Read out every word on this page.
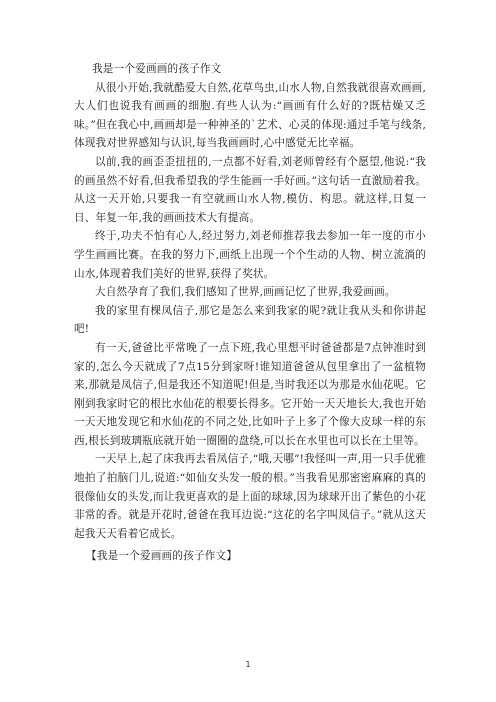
我是一个爱画画的孩子作文

从很小开始,我就酷爱大自然,花草鸟虫,山水人物,自然我就很喜欢画画,大人们也说我有画画的细胞.有些人认为:“画画有什么好的?既枯燥又乏味。”但在我心中,画画却是一种神圣的`艺术、心灵的体现:通过手笔与线条,体现我对世界感知与认识,每当我画画时,心中感觉无比幸福。

以前,我的画歪歪扭扭的,一点都不好看,刘老师曾经有个愿望,他说:“我的画虽然不好看,但我希望我的学生能画一手好画。”这句话一直激励着我。从这一天开始,只要我一有空就画山水人物,模仿、构思。就这样,日复一日、年复一年,我的画画技术大有提高。

终于,功夫不怕有心人,经过努力,刘老师推荐我去参加一年一度的市小学生画画比赛。在我的努力下,画纸上出现一个个生动的人物、树立流淌的山水,体现着我们美好的世界,获得了奖状。

大自然孕育了我们,我们感知了世界,画画记忆了世界,我爱画画。

我的家里有棵凤信子,那它是怎么来到我家的呢?就让我从头和你讲起吧!

有一天,爸爸比平常晚了一点下班,我心里想平时爸爸都是7点钟准时到家的,怎么今天就成了7点15分到家呀!谁知道爸爸从包里拿出了一盆植物来,那就是凤信子,但是我还不知道呢!但是,当时我还以为那是水仙花呢。它刚到我家时它的根比水仙花的根要长得多。它开始一天天地长大,我也开始一天天地发现它和水仙花的不同之处,比如叶子上多了个像大皮球一样的东西,根长到玻璃瓶底就开始一圈圈的盘绕,可以长在水里也可以长在土里等。

一天早上,起了床我再去看凤信子,“哦,天哪”!我怪叫一声,用一只手优雅地拍了拍脑门儿,说道:“如仙女头发一般的根。”当我看见那密密麻麻的真的很像仙女的头发,而让我更喜欢的是上面的球球,因为球球开出了紫色的小花非常的香。就是开花时,爸爸在我耳边说:“这花的名字叫凤信子。”就从这天起我天天看着它成长。

【我是一个爱画画的孩子作文】
1
